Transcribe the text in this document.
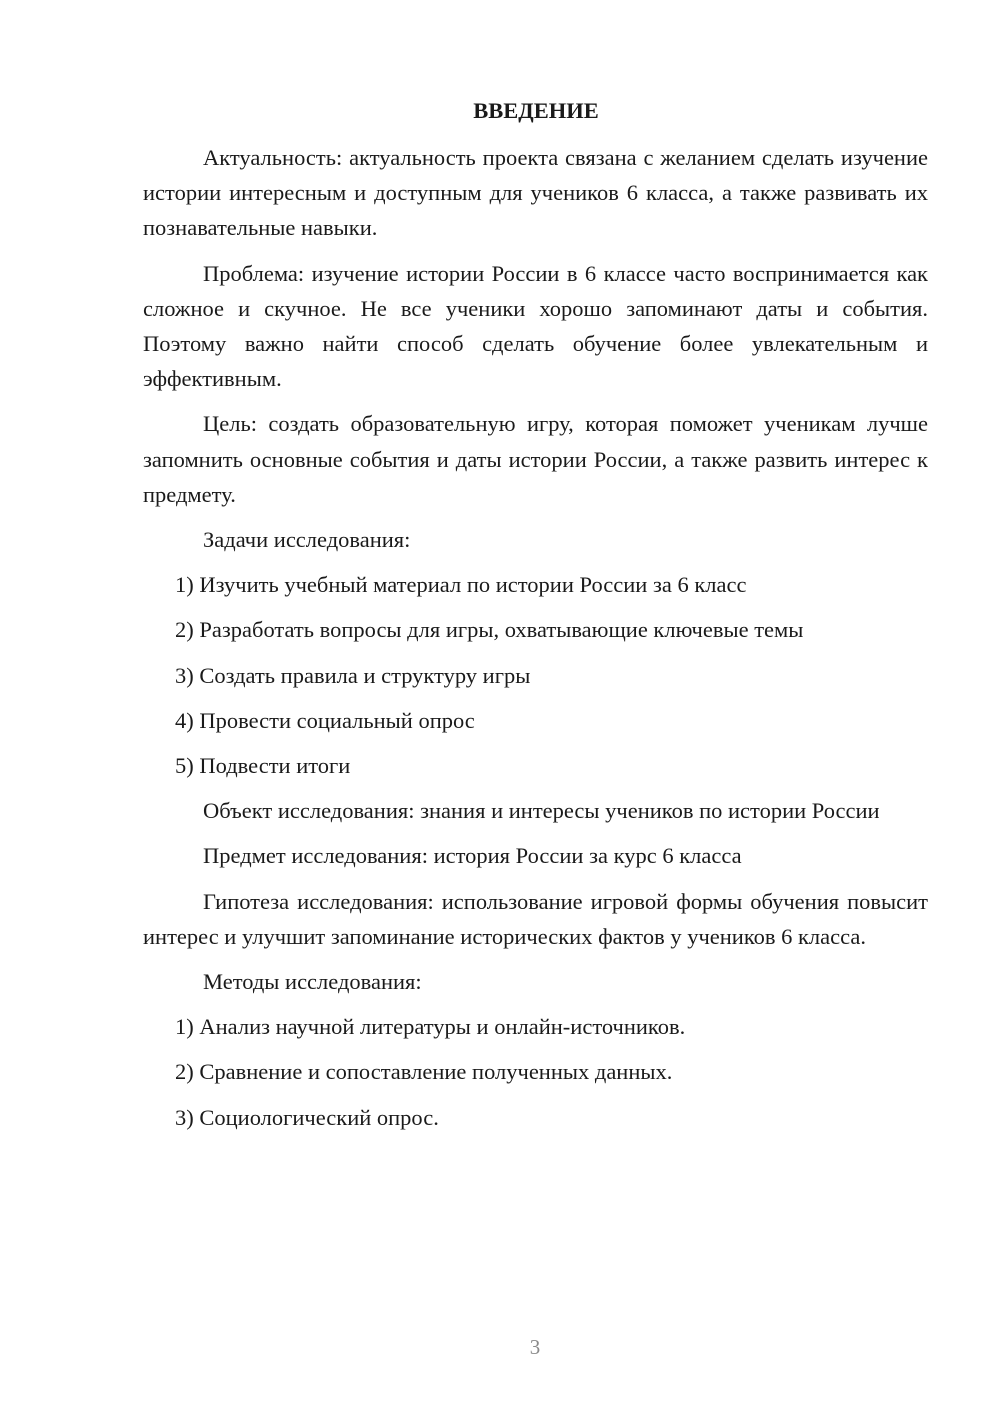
ВВЕДЕНИЕ

Актуальность: актуальность проекта связана с желанием сделать изучение истории интересным и доступным для учеников 6 класса, а также развивать их познавательные навыки.

Проблема: изучение истории России в 6 классе часто воспринимается как сложное и скучное. Не все ученики хорошо запоминают даты и события. Поэтому важно найти способ сделать обучение более увлекательным и эффективным.

Цель: создать образовательную игру, которая поможет ученикам лучше запомнить основные события и даты истории России, а также развить интерес к предмету.

Задачи исследования:

1) Изучить учебный материал по истории России за 6 класс

2) Разработать вопросы для игры, охватывающие ключевые темы

3) Создать правила и структуру игры

4) Провести социальный опрос

5) Подвести итоги

Объект исследования: знания и интересы учеников по истории России

Предмет исследования: история России за курс 6 класса

Гипотеза исследования: использование игровой формы обучения повысит интерес и улучшит запоминание исторических фактов у учеников 6 класса.

Методы исследования:

1) Анализ научной литературы и онлайн-источников.

2) Сравнение и сопоставление полученных данных.

3) Социологический опрос.

3
